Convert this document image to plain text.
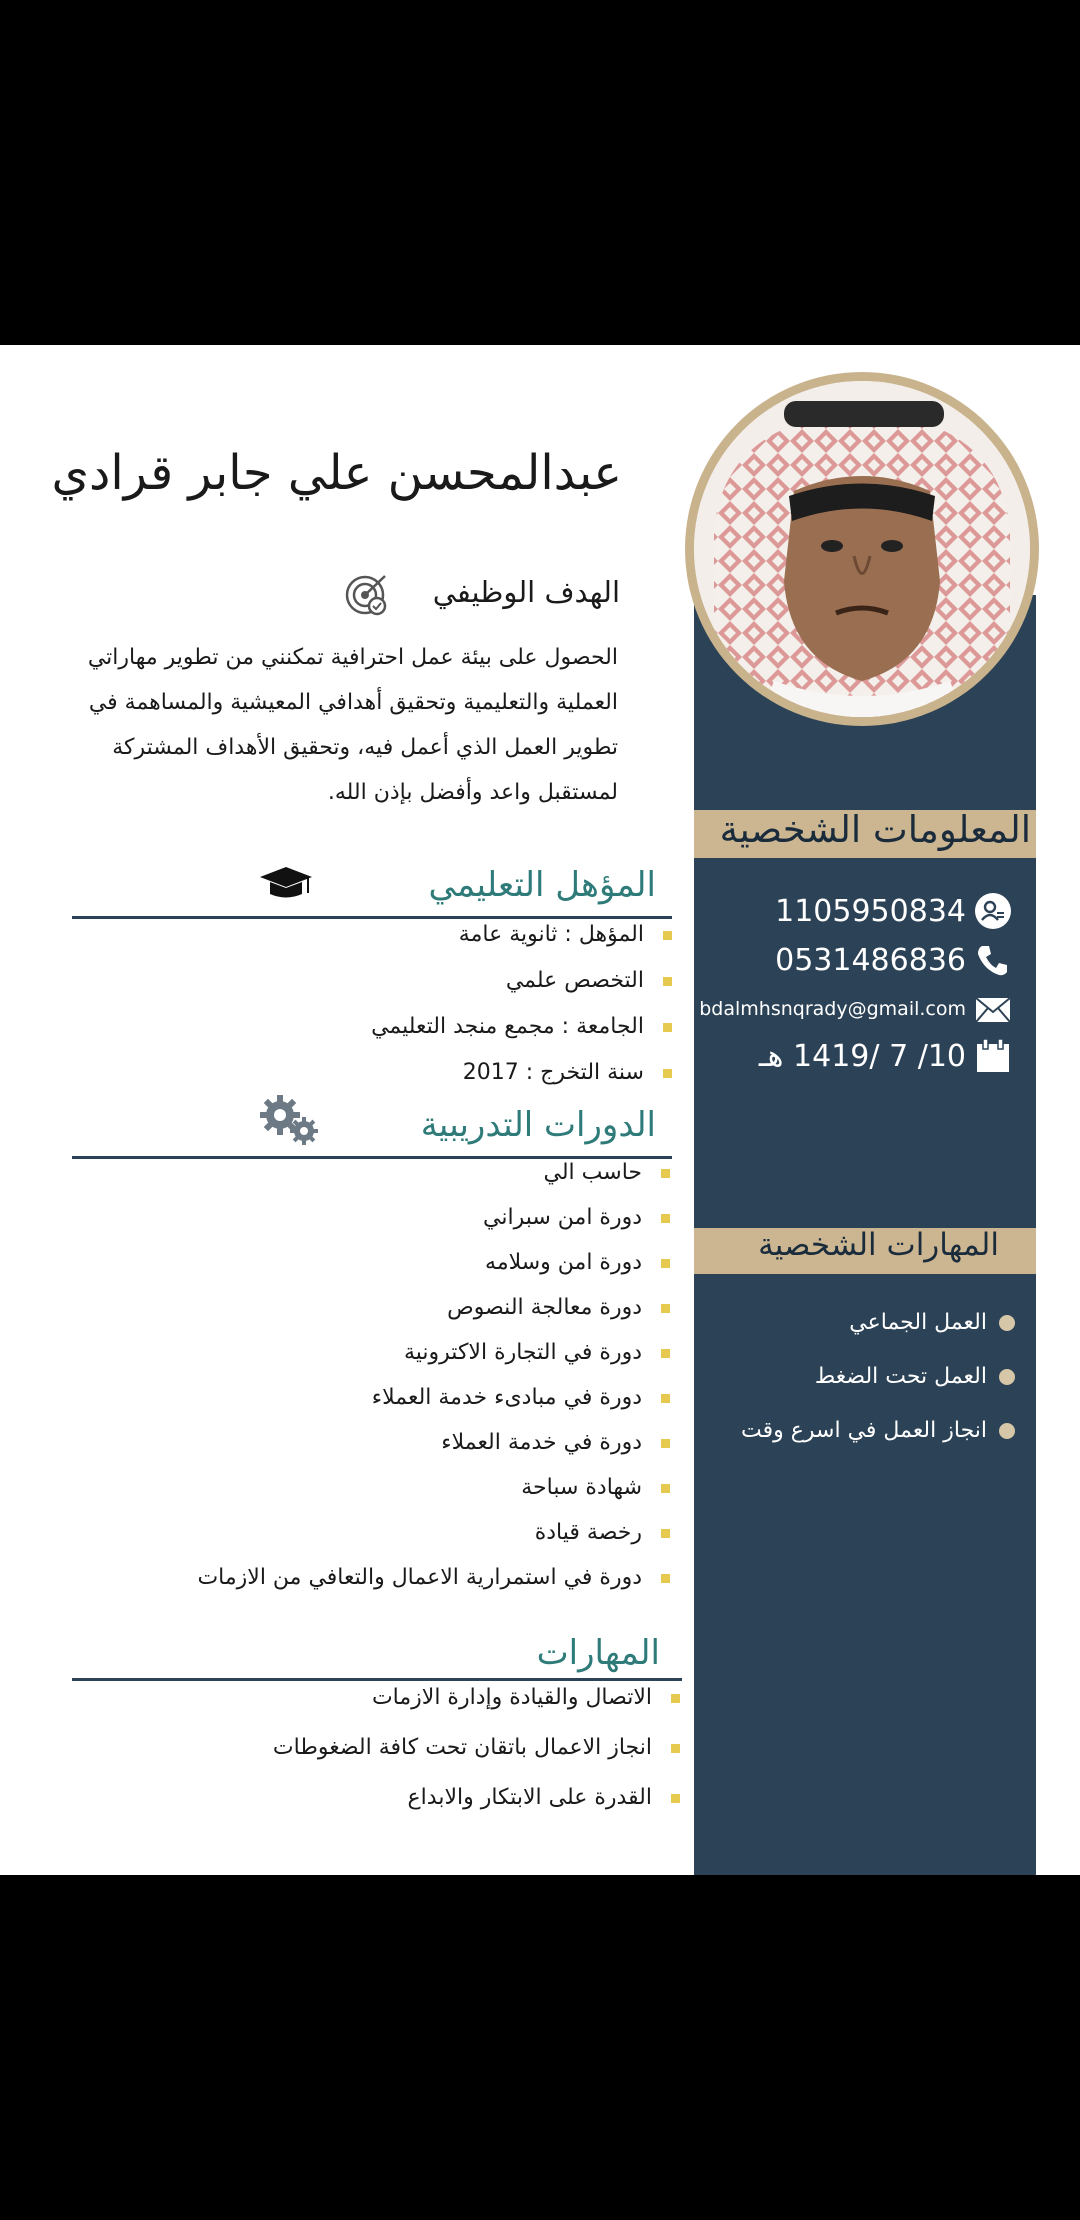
عبدالمحسن علي جابر قرادي
الهدف الوظيفي
الحصول على بيئة عمل احترافية تمكنني من تطوير مهاراتي العملية والتعليمية وتحقيق أهدافي المعيشية والمساهمة في تطوير العمل الذي أعمل فيه، وتحقيق الأهداف المشتركة لمستقبل واعد وأفضل بإذن الله.
المؤهل التعليمي
المؤهل : ثانوية عامة
التخصص علمي
الجامعة : مجمع منجد التعليمي
سنة التخرج : 2017
الدورات التدريبية
حاسب الي
دورة امن سبراني
دورة امن وسلامه
دورة معالجة النصوص
دورة في التجارة الاكترونية
دورة في مبادىء خدمة العملاء
دورة في خدمة العملاء
شهادة سباحة
رخصة قيادة
دورة في استمرارية الاعمال والتعافي من الازمات
المهارات
الاتصال والقيادة وإدارة الازمات
انجاز الاعمال باتقان تحت كافة الضغوطات
القدرة على الابتكار والابداع
المعلومات الشخصية
1105950834
0531486836
bdalmhsnqrady@gmail.com
10/ 7 /1419 هـ
المهارات الشخصية
العمل الجماعي
العمل تحت الضغط
انجاز العمل في اسرع وقت
